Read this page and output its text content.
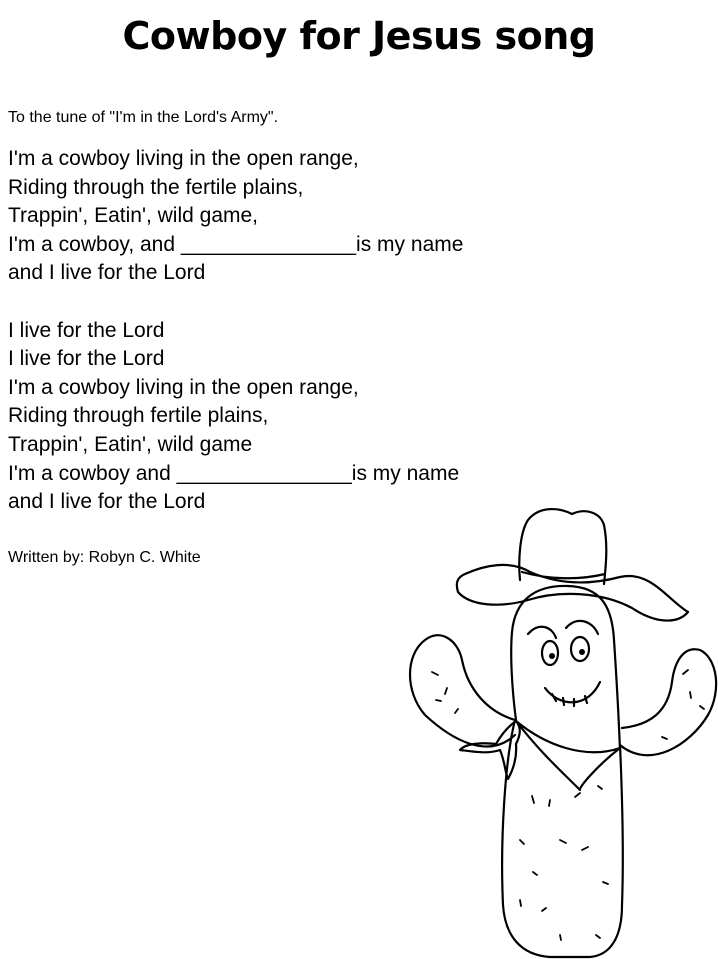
Cowboy for Jesus song

To the tune of "I'm in the Lord's Army".

I'm a cowboy living in the open range,
Riding through the fertile plains,
Trappin', Eatin', wild game,
I'm a cowboy, and _______________is my name
and I live for the Lord
I live for the Lord
I live for the Lord
I'm a cowboy living in the open range,
Riding through fertile plains,
Trappin', Eatin', wild game
I'm a cowboy and _______________is my name
and I live for the Lord

Written by: Robyn C. White
